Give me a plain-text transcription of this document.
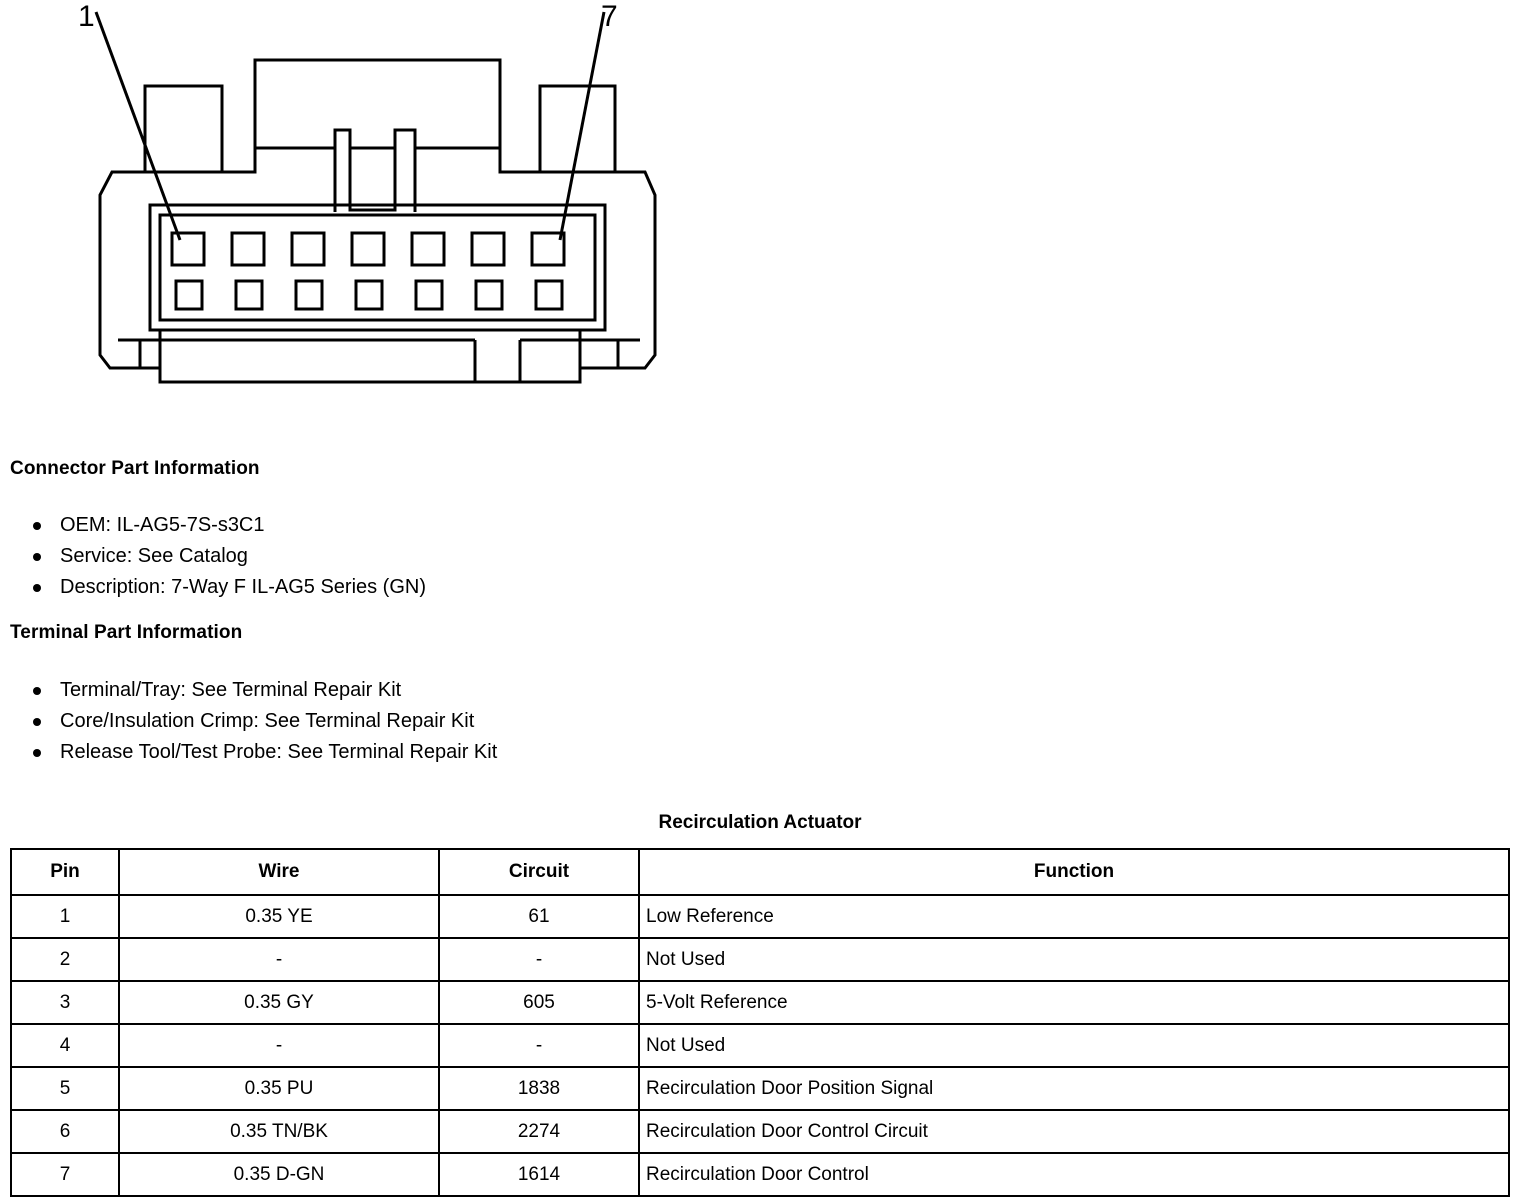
1	7
Connector Part Information
OEM: IL-AG5-7S-s3C1
Service: See Catalog
Description: 7-Way F IL-AG5 Series (GN)
Terminal Part Information
Terminal/Tray: See Terminal Repair Kit
Core/Insulation Crimp: See Terminal Repair Kit
Release Tool/Test Probe: See Terminal Repair Kit
Recirculation Actuator
Pin	Wire	Circuit	Function
1	0.35 YE	61	Low Reference
2	-	-	Not Used
3	0.35 GY	605	5-Volt Reference
4	-	-	Not Used
5	0.35 PU	1838	Recirculation Door Position Signal
6	0.35 TN/BK	2274	Recirculation Door Control Circuit
7	0.35 D-GN	1614	Recirculation Door Control
